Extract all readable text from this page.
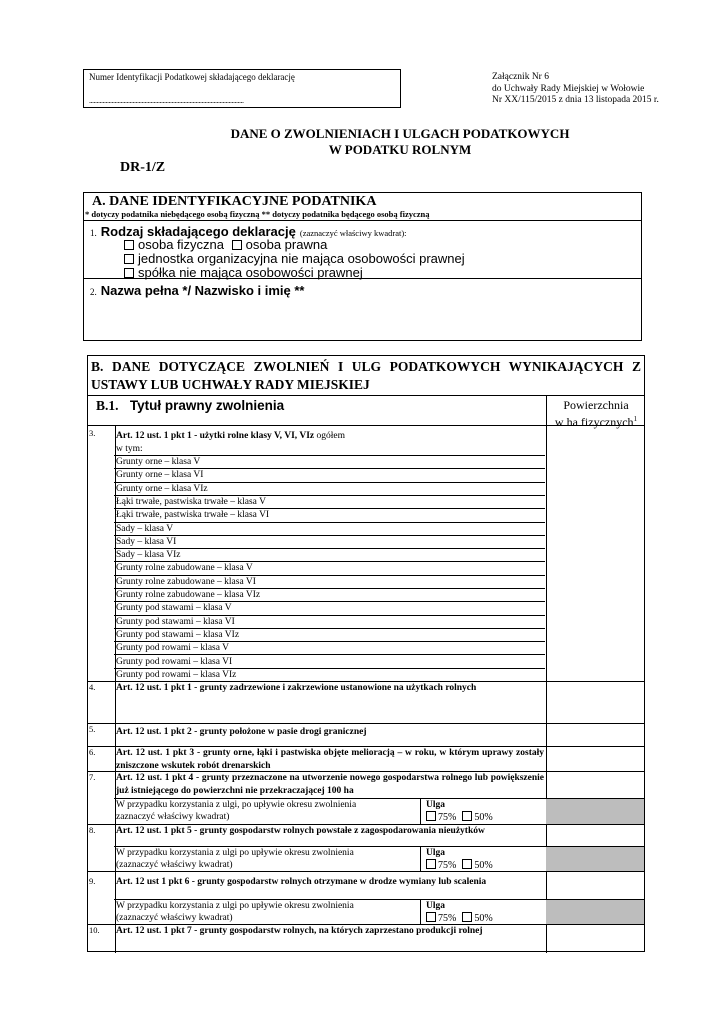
Numer Identyfikacji Podatkowej składającego deklarację
.......................................................................................................
Załącznik Nr 6
do Uchwały Rady Miejskiej w Wołowie
Nr XX/115/2015 z dnia 13 listopada 2015 r.
DANE O ZWOLNIENIACH I ULGACH PODATKOWYCH
W PODATKU ROLNYM
DR-1/Z
A. DANE IDENTYFIKACYJNE PODATNIKA
* dotyczy podatnika niebędącego osobą fizyczną ** dotyczy podatnika będącego osobą fizyczną
1. Rodzaj składającego deklarację (zaznaczyć właściwy kwadrat):
osoba fizyczna osoba prawna
jednostka organizacyjna nie mająca osobowości prawnej
spółka nie mająca osobowości prawnej
2. Nazwa pełna */ Nazwisko i imię **
B. DANE DOTYCZĄCE ZWOLNIEŃ I ULG PODATKOWYCH WYNIKAJĄCYCH Z USTAWY LUB UCHWAŁY RADY MIEJSKIEJ
B.1. Tytuł prawny zwolnienia	Powierzchnia
w ha fizycznych$^1$
3. Art. 12 ust. 1 pkt 1 - użytki rolne klasy V, VI, VIz ogółem
w tym:
Grunty orne – klasa V
Grunty orne – klasa VI
Grunty orne – klasa VIz
Łąki trwałe, pastwiska trwałe – klasa V
Łąki trwałe, pastwiska trwałe – klasa VI
Sady – klasa V
Sady – klasa VI
Sady – klasa VIz
Grunty rolne zabudowane – klasa V
Grunty rolne zabudowane – klasa VI
Grunty rolne zabudowane – klasa VIz
Grunty pod stawami – klasa V
Grunty pod stawami – klasa VI
Grunty pod stawami – klasa VIz
Grunty pod rowami – klasa V
Grunty pod rowami – klasa VI
Grunty pod rowami – klasa VIz
4. Art. 12 ust. 1 pkt 1 - grunty zadrzewione i zakrzewione ustanowione na użytkach rolnych
5. Art. 12 ust. 1 pkt 2 - grunty położone w pasie drogi granicznej
6. Art. 12 ust. 1 pkt 3 - grunty orne, łąki i pastwiska objęte melioracją – w roku, w którym uprawy zostały zniszczone wskutek robót drenarskich
7. Art. 12 ust. 1 pkt 4 - grunty przeznaczone na utworzenie nowego gospodarstwa rolnego lub powiększenie już istniejącego do powierzchni nie przekraczającej 100 ha
W przypadku korzystania z ulgi, po upływie okresu zwolnienia
zaznaczyć właściwy kwadrat)
Ulga
75% 50%
8. Art. 12 ust. 1 pkt 5 - grunty gospodarstw rolnych powstałe z zagospodarowania nieużytków
W przypadku korzystania z ulgi po upływie okresu zwolnienia
(zaznaczyć właściwy kwadrat)
Ulga
75% 50%
9. Art. 12 ust 1 pkt 6 - grunty gospodarstw rolnych otrzymane w drodze wymiany lub scalenia
W przypadku korzystania z ulgi po upływie okresu zwolnienia
(zaznaczyć właściwy kwadrat)
Ulga
75% 50%
10. Art. 12 ust. 1 pkt 7 - grunty gospodarstw rolnych, na których zaprzestano produkcji rolnej
